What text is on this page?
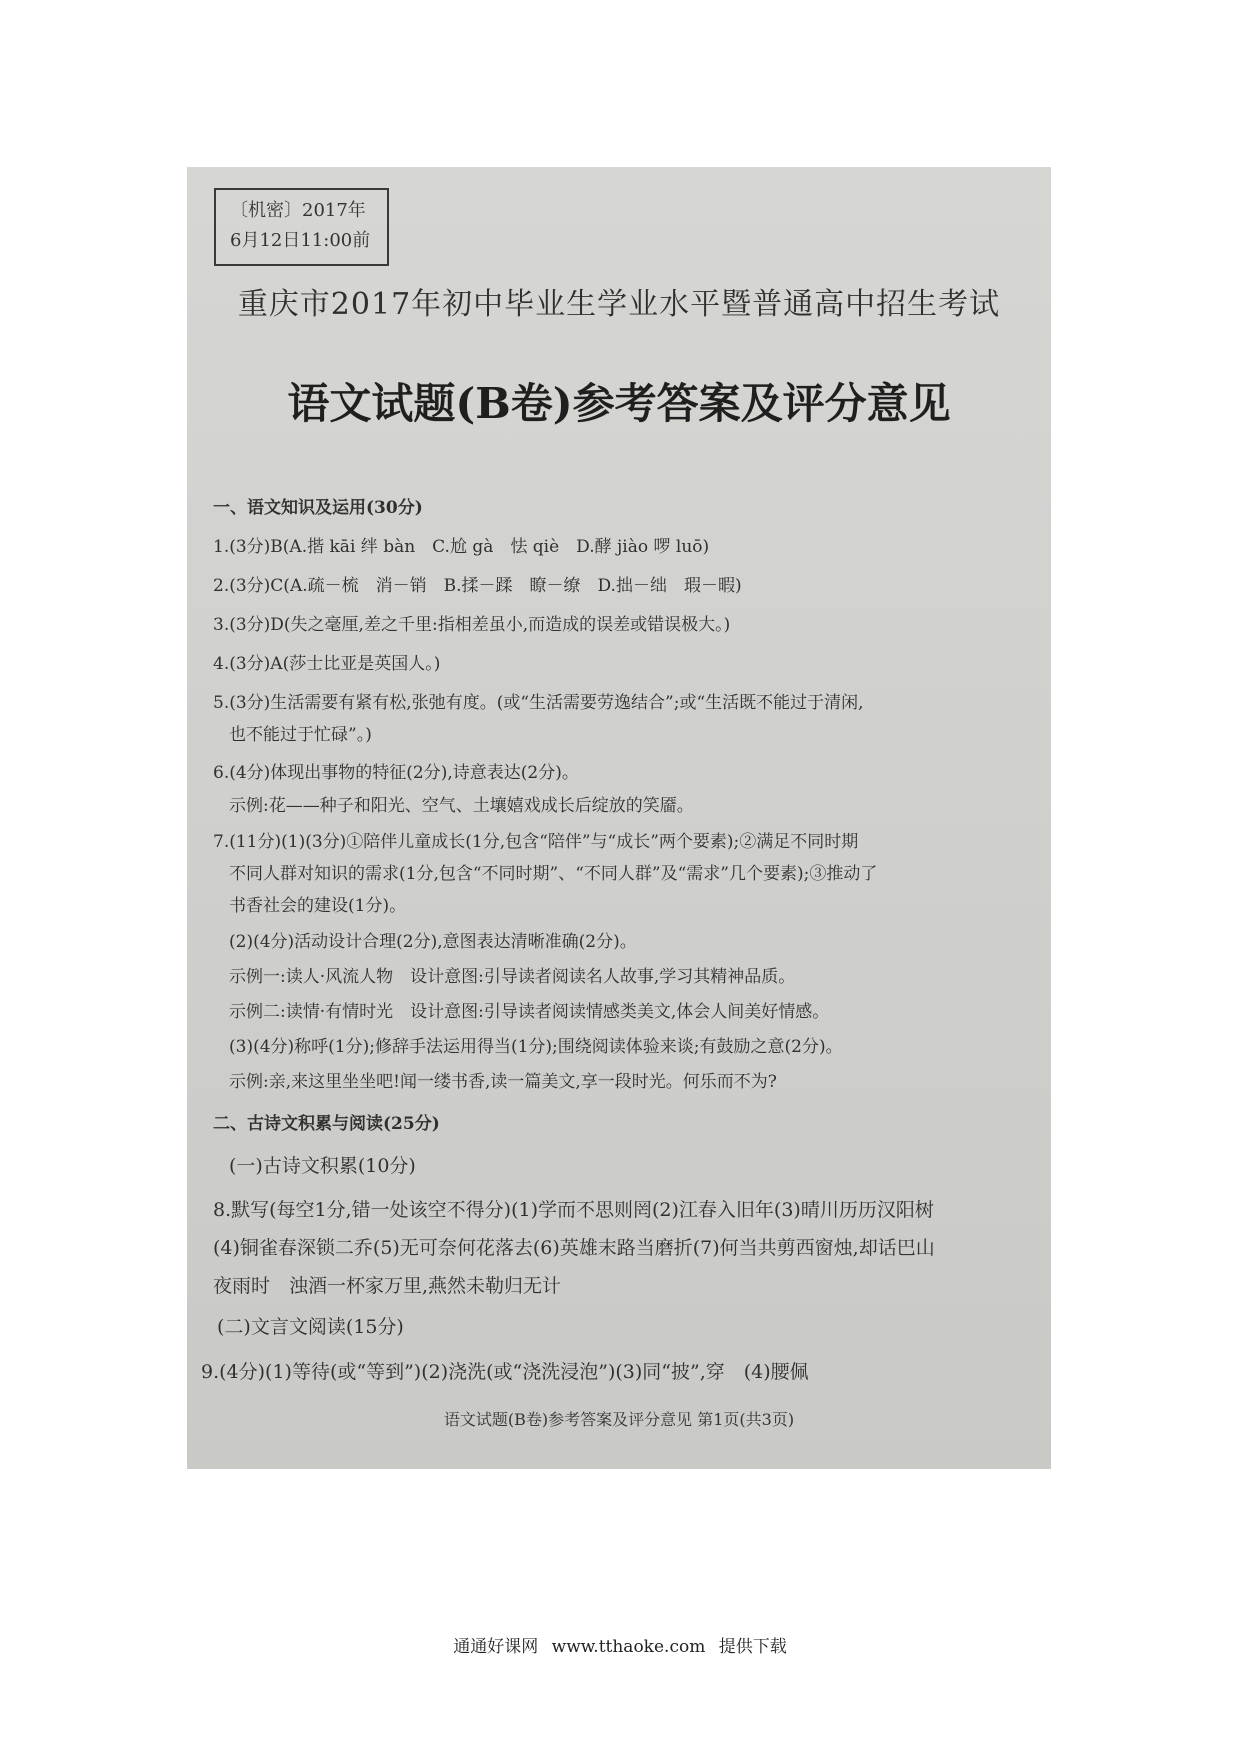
〔机密〕2017年
6月12日11:00前
重庆市2017年初中毕业生学业水平暨普通高中招生考试
语文试题(B卷)参考答案及评分意见
一、语文知识及运用(30分)
1.(3分)B(A.揩 kāi 绊 bàn　C.尬 gà　怯 qiè　D.酵 jiào 啰 luō)
2.(3分)C(A.疏－梳　消－销　B.揉－蹂　瞭－缭　D.拙－绌　瑕－暇)
3.(3分)D(失之毫厘,差之千里:指相差虽小,而造成的误差或错误极大。)
4.(3分)A(莎士比亚是英国人。)
5.(3分)生活需要有紧有松,张弛有度。(或“生活需要劳逸结合”;或“生活既不能过于清闲,
也不能过于忙碌”。)
6.(4分)体现出事物的特征(2分),诗意表达(2分)。
示例:花——种子和阳光、空气、土壤嬉戏成长后绽放的笑靥。
7.(11分)(1)(3分)①陪伴儿童成长(1分,包含“陪伴”与“成长”两个要素);②满足不同时期
不同人群对知识的需求(1分,包含“不同时期”、“不同人群”及“需求”几个要素);③推动了
书香社会的建设(1分)。
(2)(4分)活动设计合理(2分),意图表达清晰准确(2分)。
示例一:读人·风流人物　设计意图:引导读者阅读名人故事,学习其精神品质。
示例二:读情·有情时光　设计意图:引导读者阅读情感类美文,体会人间美好情感。
(3)(4分)称呼(1分);修辞手法运用得当(1分);围绕阅读体验来谈;有鼓励之意(2分)。
示例:亲,来这里坐坐吧!闻一缕书香,读一篇美文,享一段时光。何乐而不为?
二、古诗文积累与阅读(25分)
(一)古诗文积累(10分)
8.默写(每空1分,错一处该空不得分)(1)学而不思则罔(2)江春入旧年(3)晴川历历汉阳树
(4)铜雀春深锁二乔(5)无可奈何花落去(6)英雄末路当磨折(7)何当共剪西窗烛,却话巴山
夜雨时　浊酒一杯家万里,燕然未勒归无计
(二)文言文阅读(15分)
9.(4分)(1)等待(或“等到”)(2)浇洗(或“浇洗浸泡”)(3)同“披”,穿　(4)腰佩
语文试题(B卷)参考答案及评分意见 第1页(共3页)
通通好课网 www.tthaoke.com 提供下载
